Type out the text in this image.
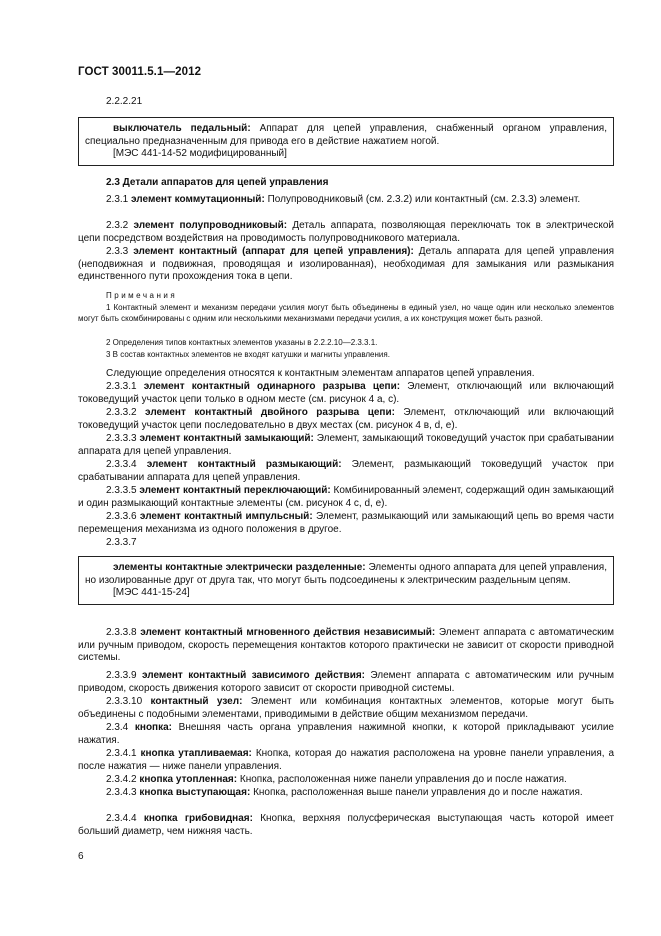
ГОСТ 30011.5.1—2012
2.2.2.21
выключатель педальный: Аппарат для цепей управления, снабженный органом управления, специально предназначенным для привода его в действие нажатием ногой.
[МЭС 441-14-52 модифицированный]
2.3 Детали аппаратов для цепей управления
2.3.1 элемент коммутационный: Полупроводниковый (см. 2.3.2) или контактный (см. 2.3.3) элемент.
2.3.2 элемент полупроводниковый: Деталь аппарата, позволяющая переключать ток в электрической цепи посредством воздействия на проводимость полупроводникового материала.
2.3.3 элемент контактный (аппарат для цепей управления): Деталь аппарата для цепей управления (неподвижная и подвижная, проводящая и изолированная), необходимая для замыкания или размыкания единственного пути прохождения тока в цепи.
Примечания
1 Контактный элемент и механизм передачи усилия могут быть объединены в единый узел, но чаще один или несколько элементов могут быть скомбинированы с одним или несколькими механизмами передачи усилия, а их конструкция может быть разной.
2 Определения типов контактных элементов указаны в 2.2.2.10—2.3.3.1.
3 В состав контактных элементов не входят катушки и магниты управления.
Следующие определения относятся к контактным элементам аппаратов цепей управления.
2.3.3.1 элемент контактный одинарного разрыва цепи: Элемент, отключающий или включающий токоведущий участок цепи только в одном месте (см. рисунок 4 а, с).
2.3.3.2 элемент контактный двойного разрыва цепи: Элемент, отключающий или включающий токоведущий участок цепи последовательно в двух местах (см. рисунок 4 в, d, е).
2.3.3.3 элемент контактный замыкающий: Элемент, замыкающий токоведущий участок при срабатывании аппарата для цепей управления.
2.3.3.4 элемент контактный размыкающий: Элемент, размыкающий токоведущий участок при срабатывании аппарата для цепей управления.
2.3.3.5 элемент контактный переключающий: Комбинированный элемент, содержащий один замыкающий и один размыкающий контактные элементы (см. рисунок 4 с, d, е).
2.3.3.6 элемент контактный импульсный: Элемент, размыкающий или замыкающий цепь во время части перемещения механизма из одного положения в другое.
2.3.3.7
элементы контактные электрически разделенные: Элементы одного аппарата для цепей управления, но изолированные друг от друга так, что могут быть подсоединены к электрическим раздельным цепям.
[МЭС 441-15-24]
2.3.3.8 элемент контактный мгновенного действия независимый: Элемент аппарата с автоматическим или ручным приводом, скорость перемещения контактов которого практически не зависит от скорости приводной системы.
2.3.3.9 элемент контактный зависимого действия: Элемент аппарата с автоматическим или ручным приводом, скорость движения которого зависит от скорости приводной системы.
2.3.3.10 контактный узел: Элемент или комбинация контактных элементов, которые могут быть объединены с подобными элементами, приводимыми в действие общим механизмом передачи.
2.3.4 кнопка: Внешняя часть органа управления нажимной кнопки, к которой прикладывают усилие нажатия.
2.3.4.1 кнопка утапливаемая: Кнопка, которая до нажатия расположена на уровне панели управления, а после нажатия — ниже панели управления.
2.3.4.2 кнопка утопленная: Кнопка, расположенная ниже панели управления до и после нажатия.
2.3.4.3 кнопка выступающая: Кнопка, расположенная выше панели управления до и после нажатия.
2.3.4.4 кнопка грибовидная: Кнопка, верхняя полусферическая выступающая часть которой имеет больший диаметр, чем нижняя часть.
6
